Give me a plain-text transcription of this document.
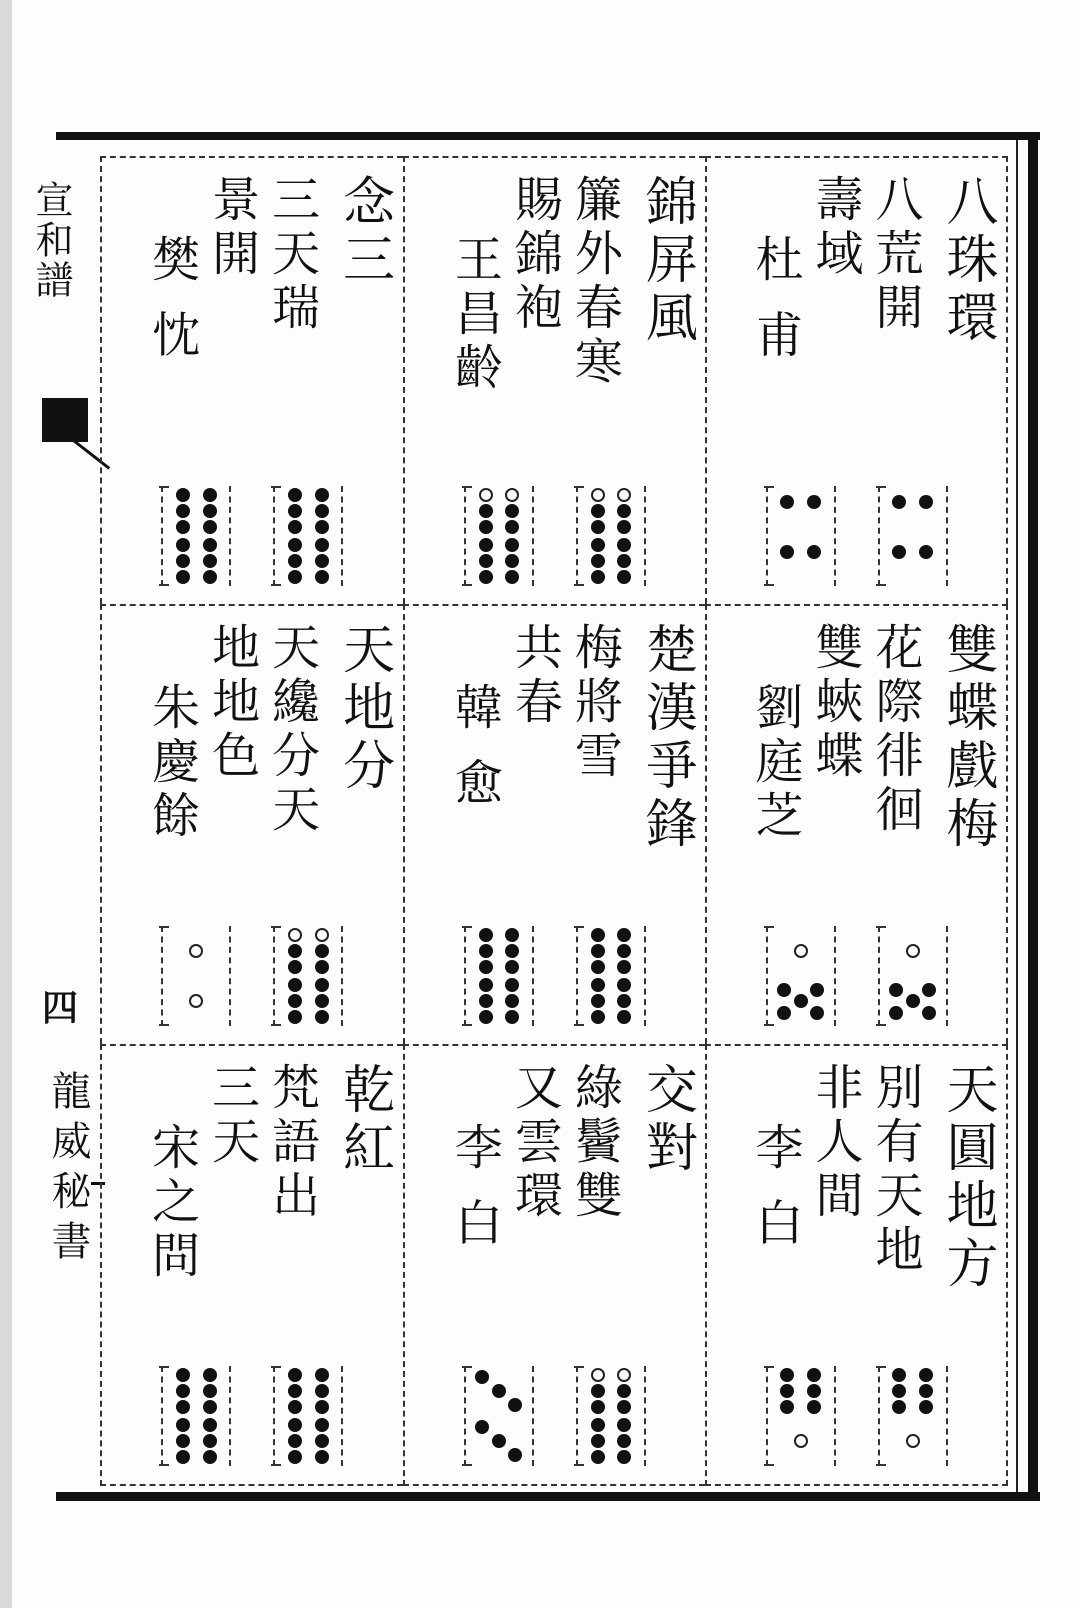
宣和譜
四
龍威秘書
念三
三天瑞
景開
樊 忱	錦屏風
簾外春寒
賜錦袍
王昌齡	八珠環
八荒開
壽域
杜 甫
天地分
天纔分天
地地色
朱慶餘	楚漢爭鋒
梅將雪
共春
韓 愈	雙蝶戲梅
花際徘徊
雙蛺蝶
劉庭芝
乾紅
梵語出
三天
宋之問
交對
綠鬢雙
又雲環
李 白	天圓地方
別有天地
非人間
李 白
